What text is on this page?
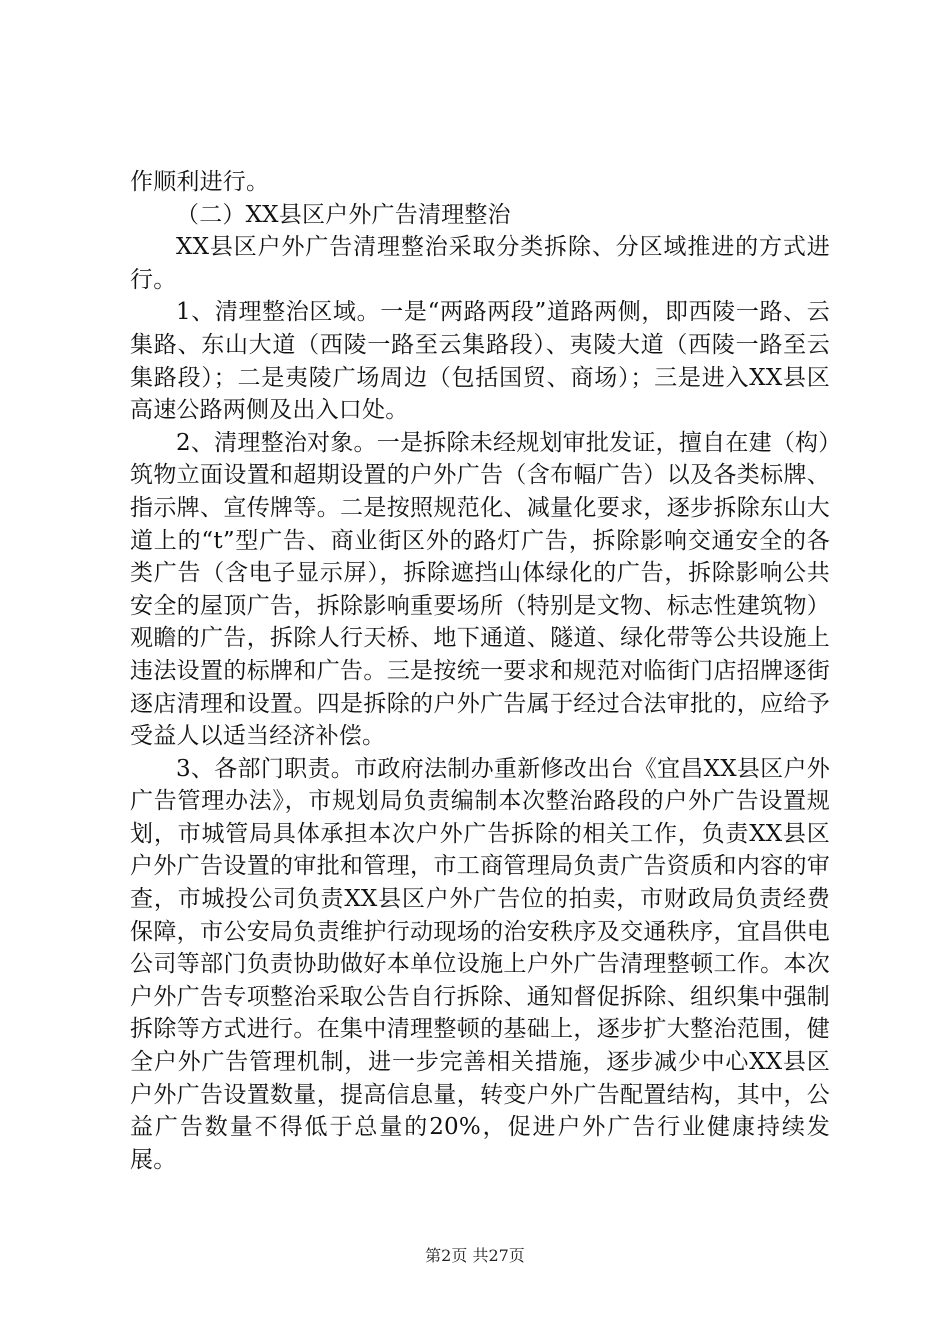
作顺利进行。

（二）XX县区户外广告清理整治

XX县区户外广告清理整治采取分类拆除、分区域推进的方式进行。

1、清理整治区域。一是“两路两段”道路两侧，即西陵一路、云集路、东山大道（西陵一路至云集路段）、夷陵大道（西陵一路至云集路段）；二是夷陵广场周边（包括国贸、商场）；三是进入XX县区高速公路两侧及出入口处。

2、清理整治对象。一是拆除未经规划审批发证，擅自在建（构）筑物立面设置和超期设置的户外广告（含布幅广告）以及各类标牌、指示牌、宣传牌等。二是按照规范化、减量化要求，逐步拆除东山大道上的“t”型广告、商业街区外的路灯广告，拆除影响交通安全的各类广告（含电子显示屏），拆除遮挡山体绿化的广告，拆除影响公共安全的屋顶广告，拆除影响重要场所（特别是文物、标志性建筑物）观瞻的广告，拆除人行天桥、地下通道、隧道、绿化带等公共设施上违法设置的标牌和广告。三是按统一要求和规范对临街门店招牌逐街逐店清理和设置。四是拆除的户外广告属于经过合法审批的，应给予受益人以适当经济补偿。

3、各部门职责。市政府法制办重新修改出台《宜昌XX县区户外广告管理办法》，市规划局负责编制本次整治路段的户外广告设置规划，市城管局具体承担本次户外广告拆除的相关工作，负责XX县区户外广告设置的审批和管理，市工商管理局负责广告资质和内容的审查，市城投公司负责XX县区户外广告位的拍卖，市财政局负责经费保障，市公安局负责维护行动现场的治安秩序及交通秩序，宜昌供电公司等部门负责协助做好本单位设施上户外广告清理整顿工作。本次户外广告专项整治采取公告自行拆除、通知督促拆除、组织集中强制拆除等方式进行。在集中清理整顿的基础上，逐步扩大整治范围，健全户外广告管理机制，进一步完善相关措施，逐步减少中心XX县区户外广告设置数量，提高信息量，转变户外广告配置结构，其中，公益广告数量不得低于总量的20%，促进户外广告行业健康持续发展。

第2页 共27页
